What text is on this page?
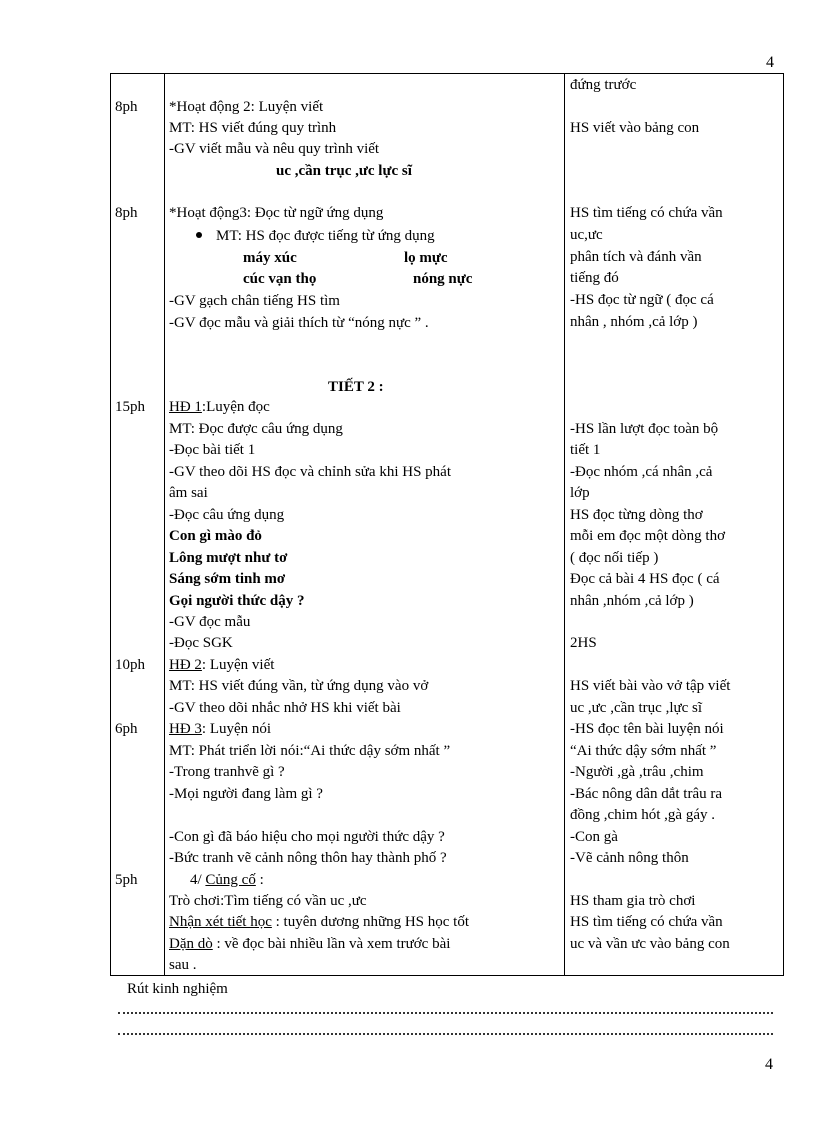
4
8ph
8ph
15ph
10ph
6ph
5ph
*Hoạt động 2: Luyện viết
MT: HS viết đúng quy trình
-GV viết mẫu và nêu quy trình viết
uc ,cần trục ,ưc lực sĩ
*Hoạt động3: Đọc từ ngữ ứng dụng
MT: HS đọc được tiếng từ ứng dụng
máy xúc	lọ mực
cúc vạn thọ	nóng nực
-GV gạch chân tiếng HS tìm
-GV đọc mẫu và giải thích từ “nóng nực ” .
TIẾT 2 :
HĐ 1:Luyện đọc
MT: Đọc được câu ứng dụng
-Đọc bài tiết 1
-GV theo dõi HS đọc và chỉnh sửa khi HS phát
âm sai
-Đọc câu ứng dụng
Con gì mào đỏ
Lông mượt như tơ
Sáng sớm tinh mơ
Gọi người thức dậy ?
-GV đọc mẫu
-Đọc SGK
HĐ 2: Luyện viết
MT: HS viết đúng vần, từ ứng dụng vào vở
-GV theo dõi nhắc nhở HS khi viết bài
HĐ 3: Luyện nói
MT: Phát triển lời nói:“Ai thức dậy sớm nhất ”
-Trong tranhvẽ gì ?
-Mọi người đang làm gì ?
-Con gì đã báo hiệu cho mọi người thức dậy ?
-Bức tranh vẽ cảnh nông thôn hay thành phố ?
4/ Củng cố :
Trò chơi:Tìm tiếng có vần uc ,ưc
Nhận xét tiết học : tuyên dương những HS học tốt
Dặn dò : về đọc bài nhiều lần và xem trước bài
sau .
đứng trước
HS viết vào bảng con
HS tìm tiếng có chứa vần
uc,ưc
phân tích và đánh vần
tiếng đó
-HS đọc từ ngữ ( đọc cá
nhân , nhóm ,cả lớp )
-HS lần lượt đọc toàn bộ
tiết 1
-Đọc nhóm ,cá nhân ,cả
lớp
HS đọc từng dòng thơ
mỗi em đọc một dòng thơ
( đọc nối tiếp )
Đọc cả bài 4 HS đọc ( cá
nhân ,nhóm ,cả lớp )
2HS
HS viết bài vào vở tập viết
uc ,ưc ,cần trục ,lực sĩ
-HS đọc tên bài luyện nói
“Ai thức dậy sớm nhất ”
-Người ,gà ,trâu ,chim
-Bác nông dân dắt trâu ra
đồng ,chim hót ,gà gáy .
-Con gà
-Vẽ cảnh nông thôn
HS tham gia trò chơi
HS tìm tiếng có chứa vần
uc và vần ưc vào bảng con
Rút kinh nghiệm
4
